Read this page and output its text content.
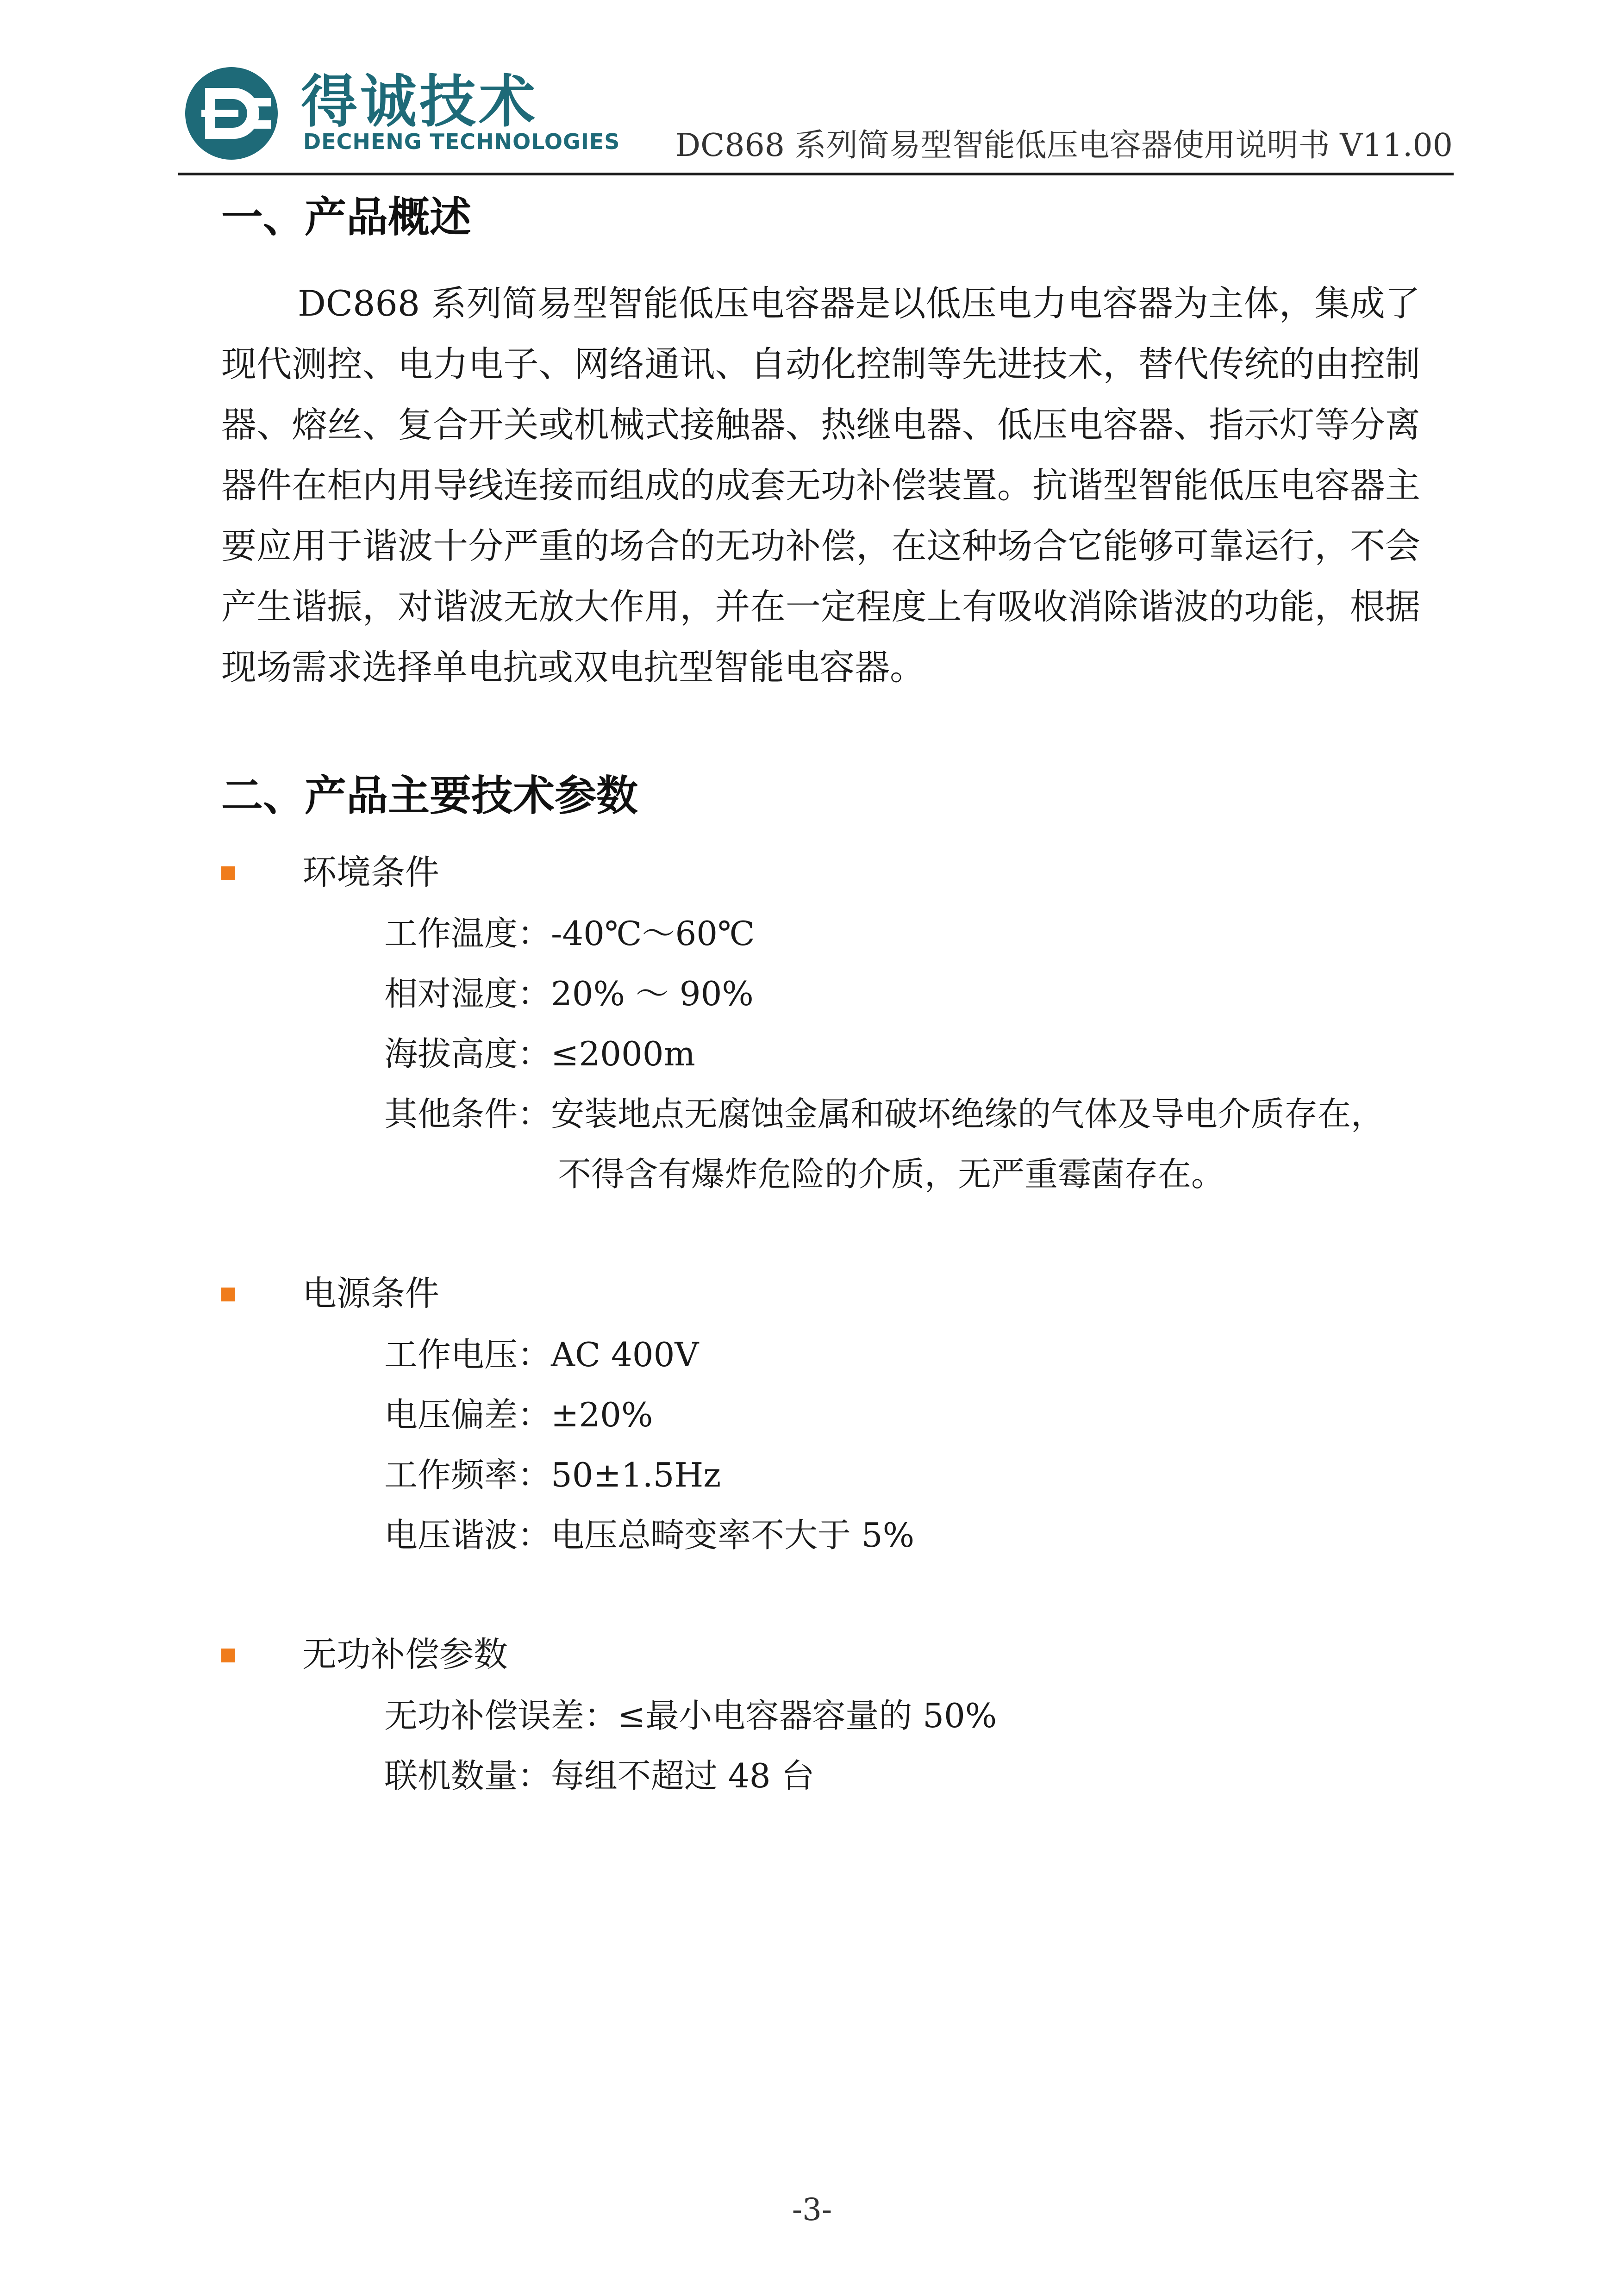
得诚技术
DECHENG TECHNOLOGIES DC868 系列简易型智能低压电容器使用说明书 V11.00
一、产品概述

DC868 系列简易型智能低压电容器是以低压电力电容器为主体，集成了现代测控、电力电子、网络通讯、自动化控制等先进技术，替代传统的由控制器、熔丝、复合开关或机械式接触器、热继电器、低压电容器、指示灯等分离器件在柜内用导线连接而组成的成套无功补偿装置。抗谐型智能低压电容器主要应用于谐波十分严重的场合的无功补偿，在这种场合它能够可靠运行，不会产生谐振，对谐波无放大作用，并在一定程度上有吸收消除谐波的功能，根据现场需求选择单电抗或双电抗型智能电容器。

二、产品主要技术参数
环境条件
工作温度：-40℃～60℃
相对湿度：20% ～ 90%
海拔高度：≤2000m
其他条件：安装地点无腐蚀金属和破坏绝缘的气体及导电介质存在，
不得含有爆炸危险的介质，无严重霉菌存在。
电源条件
工作电压：AC 400V
电压偏差：±20%
工作频率：50±1.5Hz
电压谐波：电压总畸变率不大于 5%
无功补偿参数
无功补偿误差：≤最小电容器容量的 50%
联机数量：每组不超过 48 台
-3-
